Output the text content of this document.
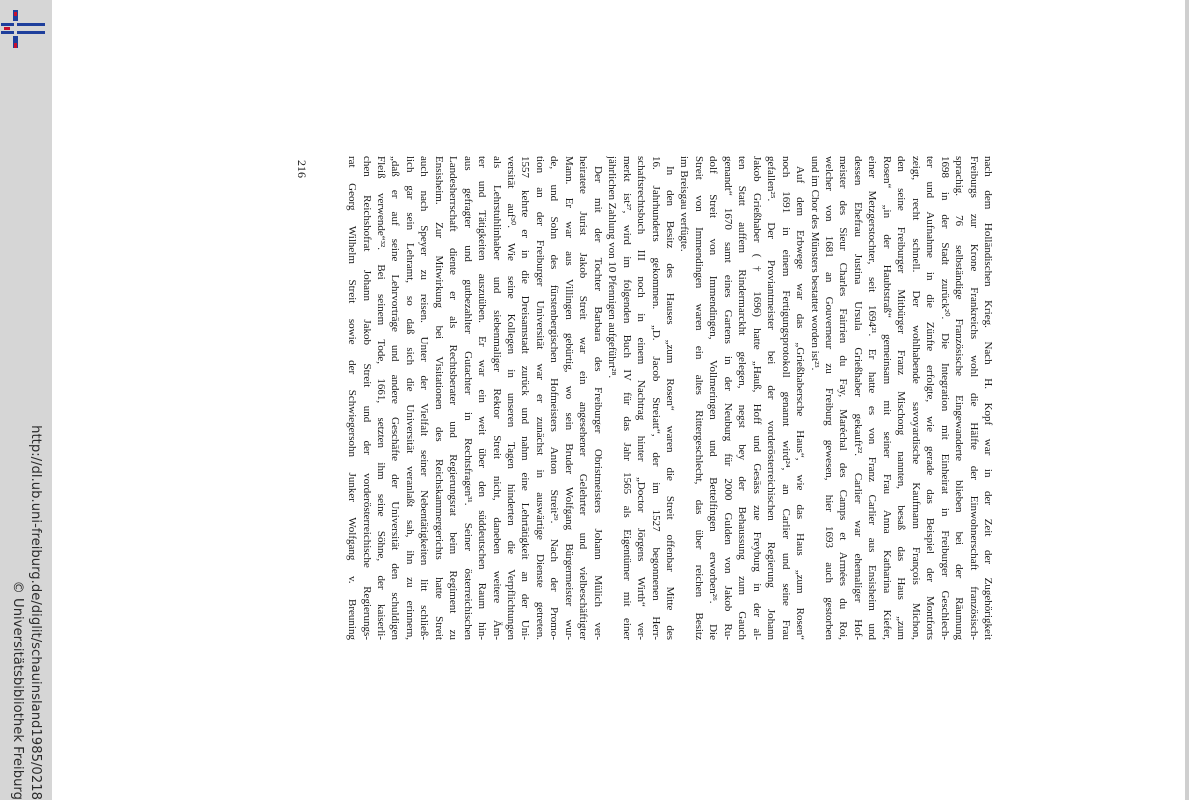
http://dl.ub.uni-freiburg.de/diglit/schauinsland1985/0218
© Universitätsbibliothek Freiburg
nach dem Holländischen Krieg. Nach H. Kopf war in der Zeit der Zugehörigkeit
Freiburgs zur Krone Frankreichs wohl die Hälfte der Einwohnerschaft französisch-
sprachig. 76 selbständige Französische Eingewanderte blieben bei der Räumung
1698 in der Stadt zurück²⁰. Die Integration mit Einheirat in Freiburger Geschlech-
ter und Aufnahme in die Zünfte erfolgte, wie gerade das Beispiel der Montforts
zeigt, recht schnell. Der wohlhabende savoyardische Kaufmann François Michon,
den seine Freiburger Mitbürger Franz Mischong nannten, besaß das Haus „zum
Rosen“ „in der Haubtstraß“ gemeinsam mit seiner Frau Anna Katharina Kiefer,
einer Metzgerstochter, seit 1694²¹. Er hatte es von Franz Carlier aus Ensisheim und
dessen Ehefrau Justina Ursula Grießhaber gekauft²². Carlier war ehemaliger Hof-
meister des Sieur Charles Fairrien du Fay, Maréchal des Camps et Armées du Roi,
welcher von 1681 an Gouverneur zu Freiburg gewesen, hier 1693 auch gestorben
und im Chor des Münsters bestattet worden ist²³.
Auf dem Erbwege war das „Grießhabersche Haus“, wie das Haus „zum Rosen“
noch 1691 in einem Fertigungsprotokoll genannt wird²⁴, an Carlier und seine Frau
gefallen²⁵. Der Proviantmeister bei der vorderösterreichischen Regierung Johann
Jakob Grießhaber († 1696) hatte „Hauß, Hoff und Gesäss zue Freyburg in der al-
ten Statt auffem Rindermarckht gelegen, negst bey der Behaussung zum Gauch
genandt“ 1670 samt eines Gartens in der Neuburg für 2000 Gulden von Jakob Ru-
dolf Streit von Immendingen, Vollmeringen und Bettelfingen erworben²⁶. Die
Streit von Immendingen waren ein altes Rittergeschlecht, das über reichen Besitz
im Breisgau verfügte.
In den Besitz des Hauses „zum Rosen“ waren die Streit offenbar Mitte des
16. Jahrhunderts gekommen. „D. Jacob Streiatt“, der im 1527 begonnenen Herr-
schaftsrechtsbuch III noch in einem Nachtrag hinter „Doctor Jörgens Wirth“ ver-
merkt ist²⁷, wird im folgenden Buch IV für das Jahr 1565 als Eigentümer mit einer
jährlichen Zahlung von 10 Pfennigen aufgeführt²⁸.
Der mit der Tochter Barbara des Freiburger Obristmeisters Johann Mülich ver-
heiratete Jurist Jakob Streit war ein angesehener Gelehrter und vielbeschäftigter
Mann. Er war aus Villingen gebürtig, wo sein Bruder Wolfgang Bürgermeister wur-
de, und Sohn des fürstenbergischen Hofmeisters Anton Streit²⁹. Nach der Promo-
tion an der Freiburger Universität war er zunächst in auswärtige Dienste getreten.
1557 kehrte er in die Dreisamstadt zurück und nahm eine Lehrtätigkeit an der Uni-
versität auf³⁰. Wie seine Kollegen in unseren Tagen hinderten die Verpflichtungen
als Lehrstuhlinhaber und siebenmaliger Rektor Streit nicht, daneben weitere Äm-
ter und Tätigkeiten auszuüben. Er war ein weit über den süddeutschen Raum hin-
aus gefragter und gutbezahlter Gutachter in Rechtsfragen³¹. Seiner österreichischen
Landesherrschaft diente er als Rechtsberater und Regierungsrat beim Regiment zu
Ensisheim. Zur Mitwirkung bei Visitationen des Reichskammergerichts hatte Streit
auch nach Speyer zu reisen. Unter der Vielfalt seiner Nebentätigkeiten litt schließ-
lich gar sein Lehramt, so daß sich die Universität veranlaßt sah, ihn zu erinnern,
„daß er auf seine Lehrvorträge und andere Geschäfte der Universität den schuldigen
Fleiß verwende“³². Bei seinem Tode, 1661, setzten ihm seine Söhne, der kaiserli-
chen Reichshofrat Johann Jakob Streit und der vorderösterreichische Regierungs-
rat Georg Wilhelm Streit sowie der Schwiegersohn Junker Wolfgang v. Breuning
216
